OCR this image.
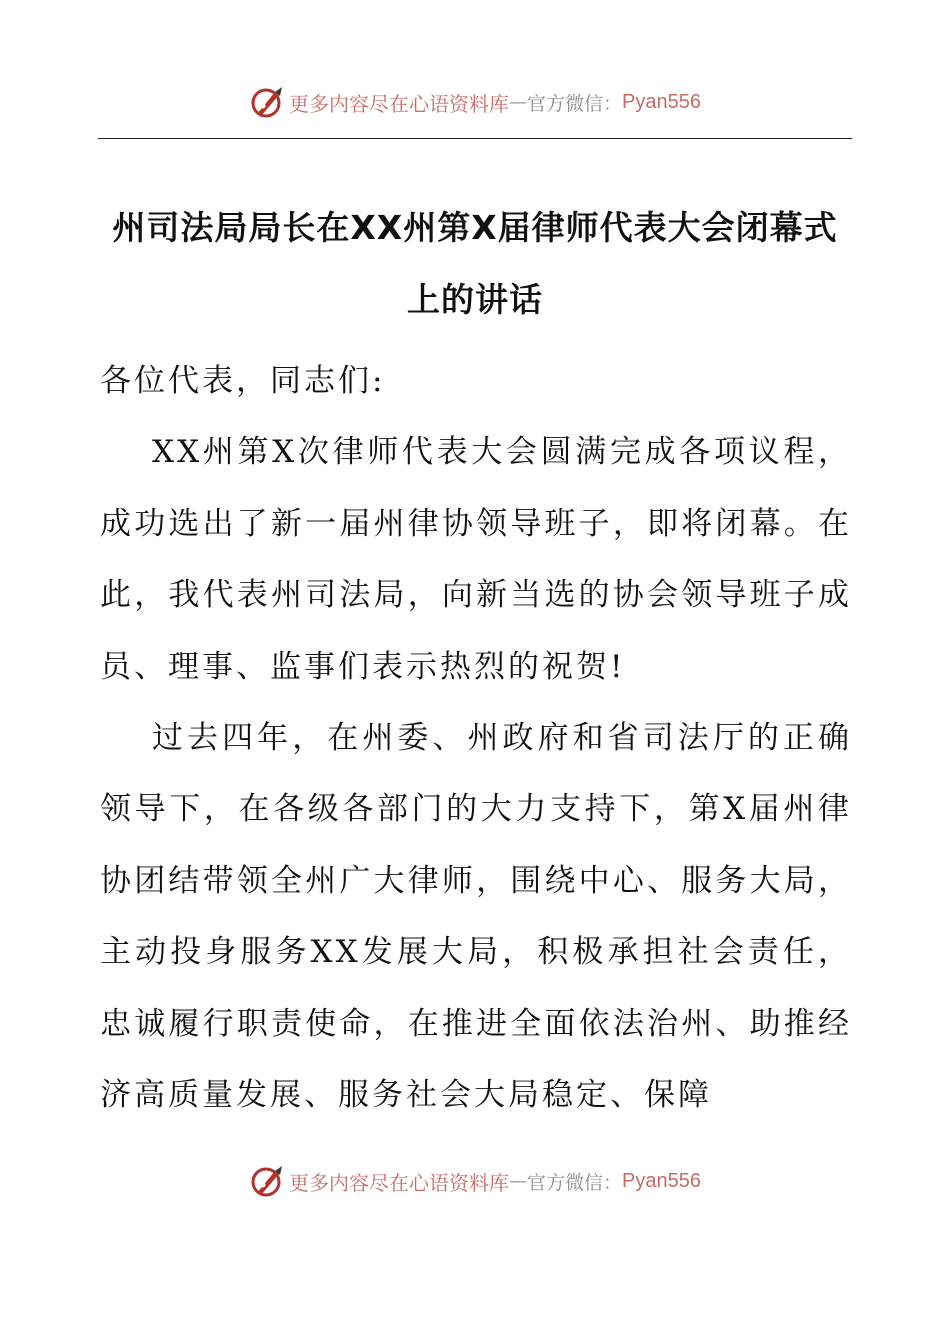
更多内容尽在心语资料库 — 官方微信： Pyan556
州司法局局长在XX州第X届律师代表大会闭幕式上的讲话

各位代表，同志们:

XX州第X次律师代表大会圆满完成各项议程，成功选出了新一届州律协领导班子，即将闭幕。在此，我代表州司法局，向新当选的协会领导班子成员、理事、监事们表示热烈的祝贺!

过去四年，在州委、州政府和省司法厅的正确领导下，在各级各部门的大力支持下，第X届州律协团结带领全州广大律师，围绕中心、服务大局，主动投身服务XX发展大局，积极承担社会责任，忠诚履行职责使命，在推进全面依法治州、助推经济高质量发展、服务社会大局稳定、保障

更多内容尽在心语资料库 — 官方微信： Pyan556
